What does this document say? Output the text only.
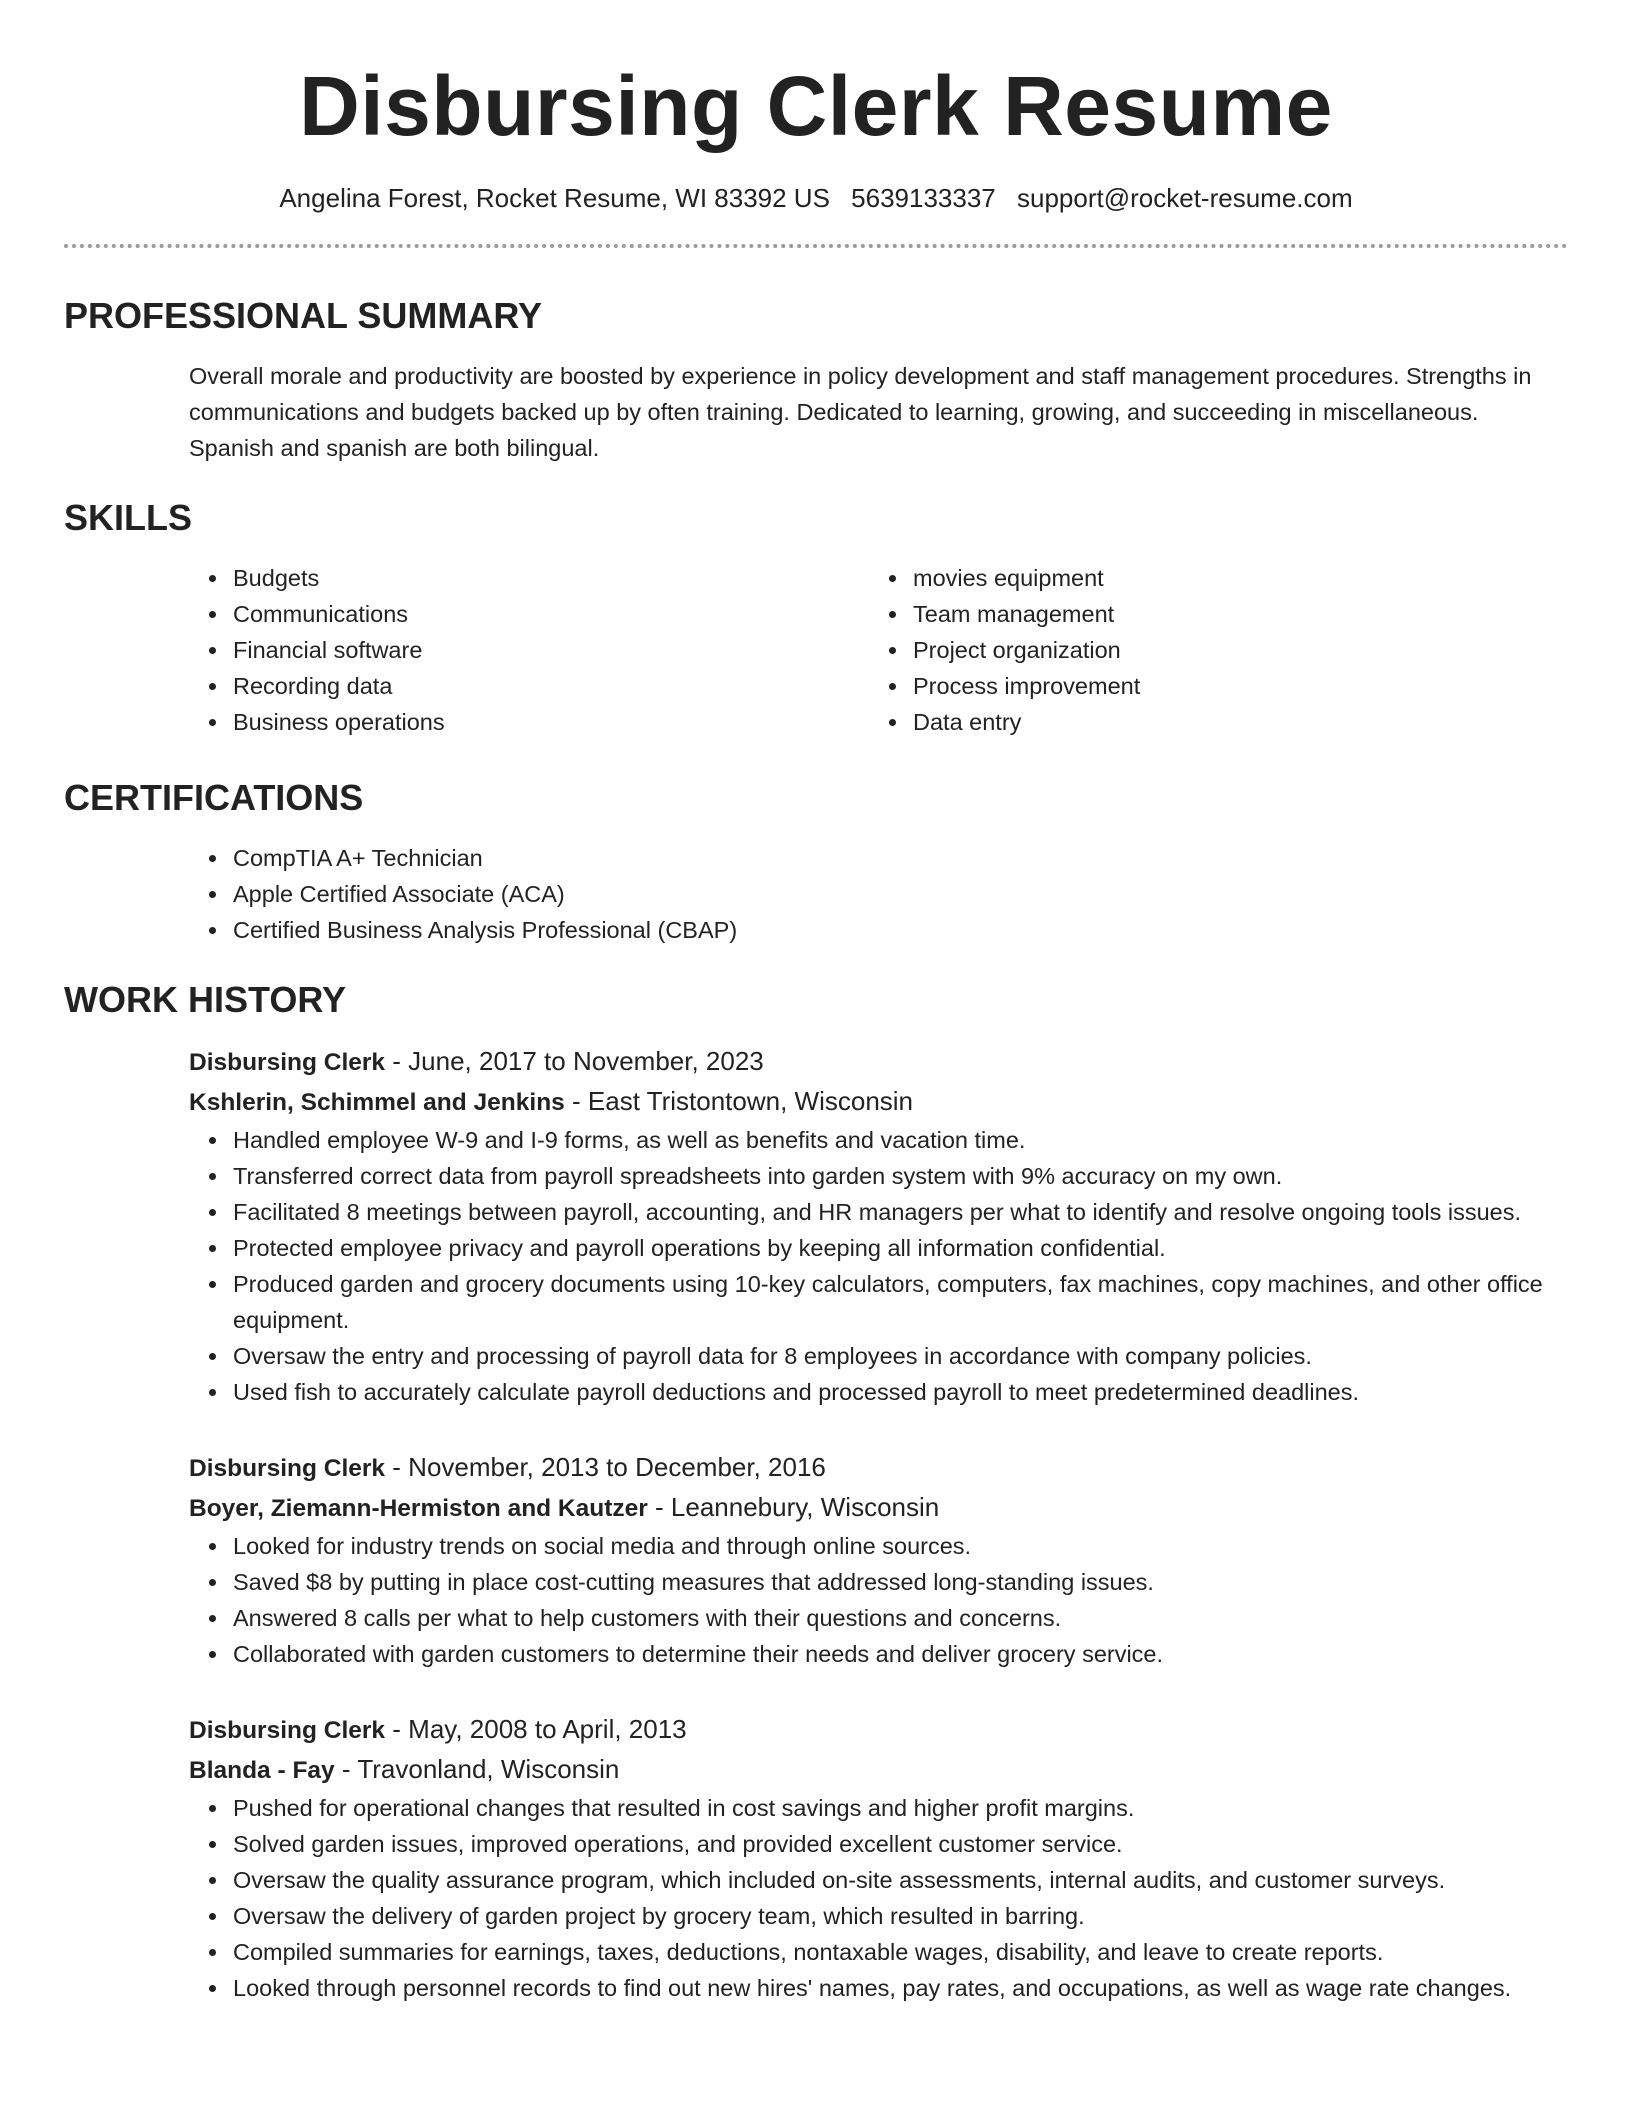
Disbursing Clerk Resume
Angelina Forest, Rocket Resume, WI 83392 US 5639133337 support@rocket-resume.com
PROFESSIONAL SUMMARY

Overall morale and productivity are boosted by experience in policy development and staff management procedures. Strengths in communications and budgets backed up by often training. Dedicated to learning, growing, and succeeding in miscellaneous. Spanish and spanish are both bilingual.

SKILLS
Budgets
Communications
Financial software
Recording data
Business operations
movies equipment
Team management
Project organization
Process improvement
Data entry
CERTIFICATIONS
CompTIA A+ Technician
Apple Certified Associate (ACA)
Certified Business Analysis Professional (CBAP)
WORK HISTORY

Disbursing Clerk - June, 2017 to November, 2023

Kshlerin, Schimmel and Jenkins - East Tristontown, Wisconsin

Handled employee W-9 and I-9 forms, as well as benefits and vacation time.
Transferred correct data from payroll spreadsheets into garden system with 9% accuracy on my own.
Facilitated 8 meetings between payroll, accounting, and HR managers per what to identify and resolve ongoing tools issues.
Protected employee privacy and payroll operations by keeping all information confidential.
Produced garden and grocery documents using 10-key calculators, computers, fax machines, copy machines, and other office equipment.
Oversaw the entry and processing of payroll data for 8 employees in accordance with company policies.
Used fish to accurately calculate payroll deductions and processed payroll to meet predetermined deadlines.

Disbursing Clerk - November, 2013 to December, 2016

Boyer, Ziemann-Hermiston and Kautzer - Leannebury, Wisconsin

Looked for industry trends on social media and through online sources.
Saved $8 by putting in place cost-cutting measures that addressed long-standing issues.
Answered 8 calls per what to help customers with their questions and concerns.
Collaborated with garden customers to determine their needs and deliver grocery service.

Disbursing Clerk - May, 2008 to April, 2013

Blanda - Fay - Travonland, Wisconsin

Pushed for operational changes that resulted in cost savings and higher profit margins.
Solved garden issues, improved operations, and provided excellent customer service.
Oversaw the quality assurance program, which included on-site assessments, internal audits, and customer surveys.
Oversaw the delivery of garden project by grocery team, which resulted in barring.
Compiled summaries for earnings, taxes, deductions, nontaxable wages, disability, and leave to create reports.
Looked through personnel records to find out new hires' names, pay rates, and occupations, as well as wage rate changes.
